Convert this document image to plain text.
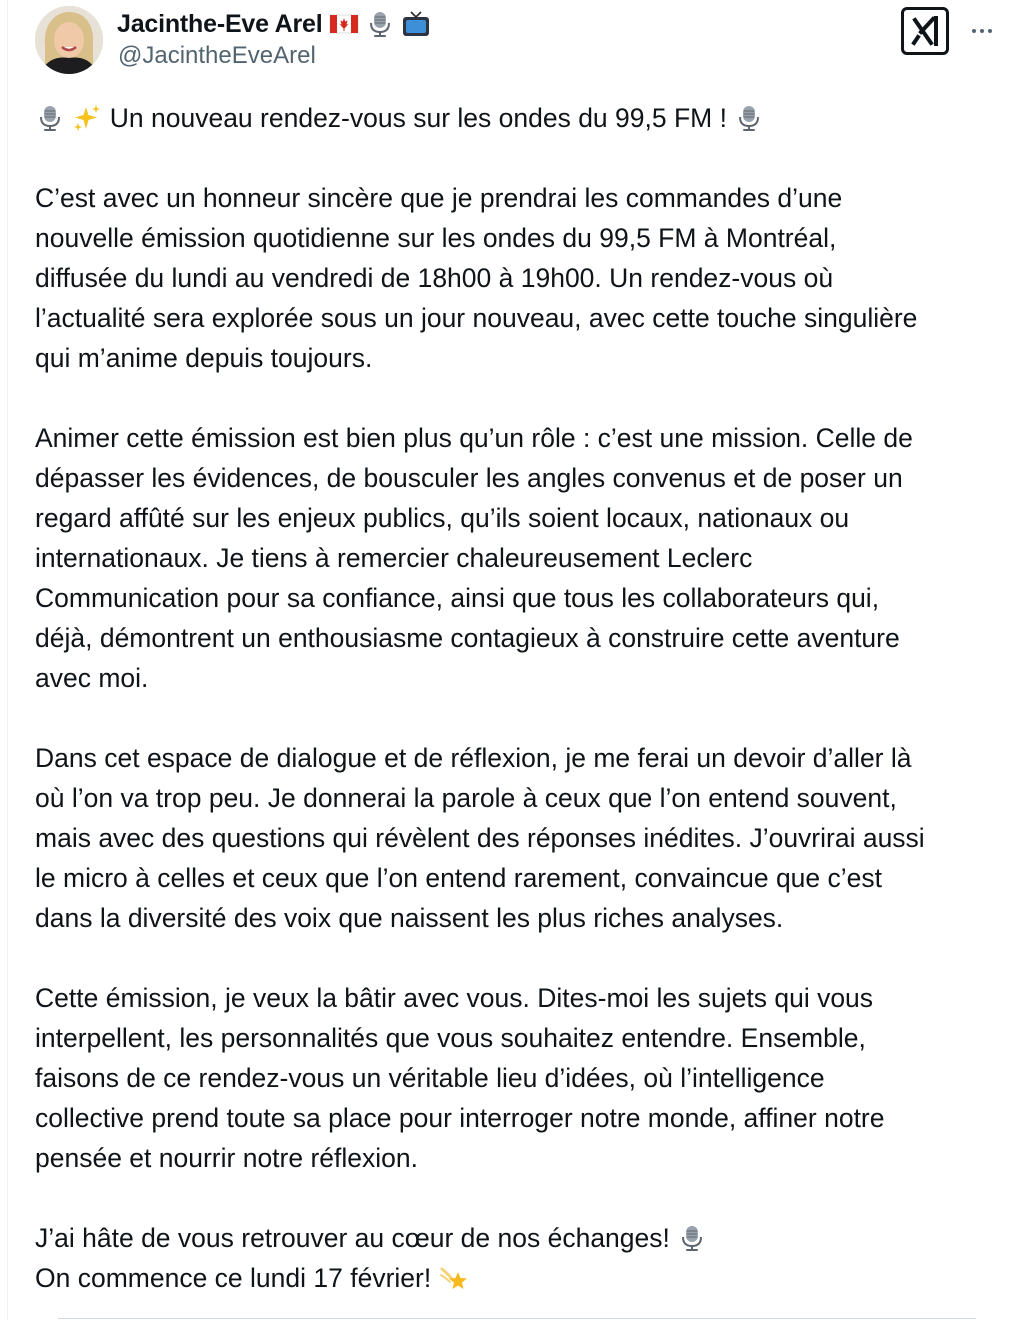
Jacinthe-Eve Arel
@JacintheEveArel

Un nouveau rendez-vous sur les ondes du 99,5 FM !

C’est avec un honneur sincère que je prendrai les commandes d’une
nouvelle émission quotidienne sur les ondes du 99,5 FM à Montréal,
diffusée du lundi au vendredi de 18h00 à 19h00. Un rendez-vous où
l’actualité sera explorée sous un jour nouveau, avec cette touche singulière
qui m’anime depuis toujours.

Animer cette émission est bien plus qu’un rôle : c’est une mission. Celle de
dépasser les évidences, de bousculer les angles convenus et de poser un
regard affûté sur les enjeux publics, qu’ils soient locaux, nationaux ou
internationaux. Je tiens à remercier chaleureusement Leclerc
Communication pour sa confiance, ainsi que tous les collaborateurs qui,
déjà, démontrent un enthousiasme contagieux à construire cette aventure
avec moi.

Dans cet espace de dialogue et de réflexion, je me ferai un devoir d’aller là
où l’on va trop peu. Je donnerai la parole à ceux que l’on entend souvent,
mais avec des questions qui révèlent des réponses inédites. J’ouvrirai aussi
le micro à celles et ceux que l’on entend rarement, convaincue que c’est
dans la diversité des voix que naissent les plus riches analyses.

Cette émission, je veux la bâtir avec vous. Dites-moi les sujets qui vous
interpellent, les personnalités que vous souhaitez entendre. Ensemble,
faisons de ce rendez-vous un véritable lieu d’idées, où l’intelligence
collective prend toute sa place pour interroger notre monde, affiner notre
pensée et nourrir notre réflexion.

J’ai hâte de vous retrouver au cœur de nos échanges!
On commence ce lundi 17 février!
